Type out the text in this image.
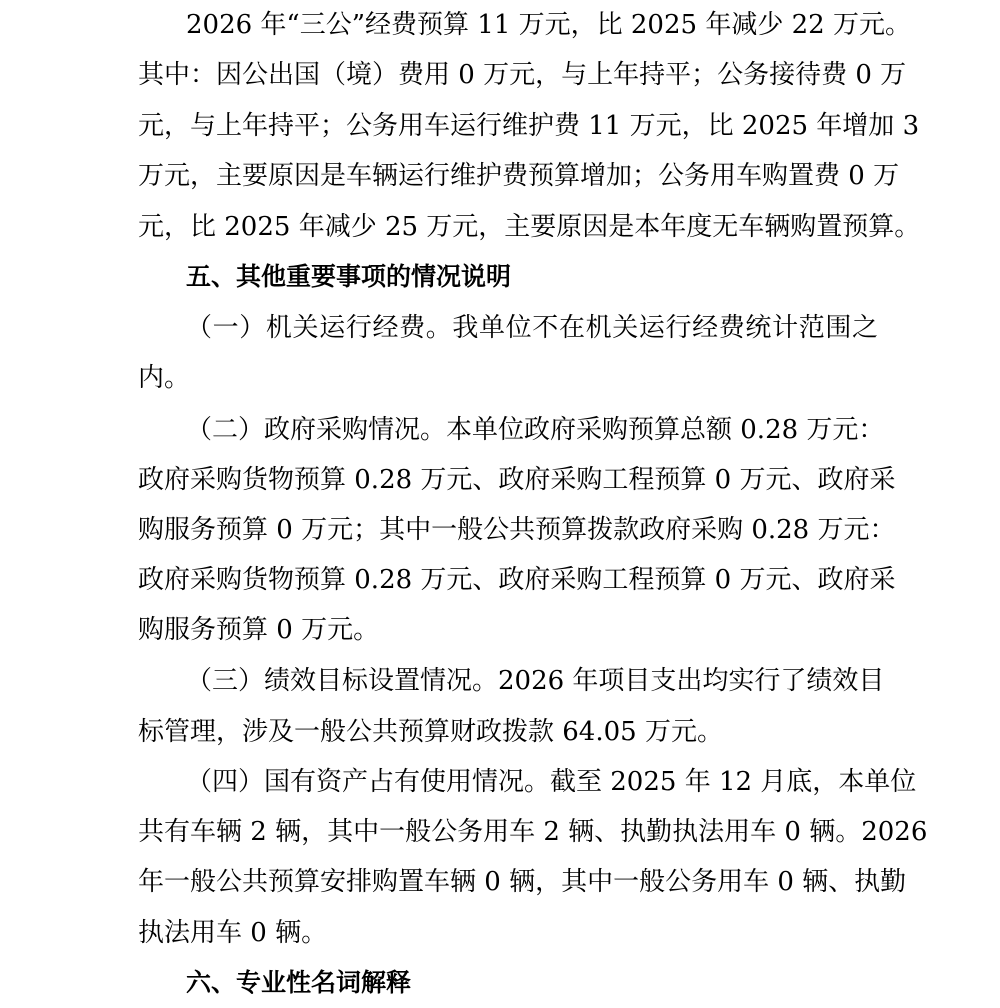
2026 年“三公”经费预算 11 万元，比 2025 年减少 22 万元。
其中：因公出国（境）费用 0 万元，与上年持平；公务接待费 0 万
元，与上年持平；公务用车运行维护费 11 万元，比 2025 年增加 3
万元，主要原因是车辆运行维护费预算增加；公务用车购置费 0 万
元，比 2025 年减少 25 万元，主要原因是本年度无车辆购置预算。
五、其他重要事项的情况说明
（一）机关运行经费。我单位不在机关运行经费统计范围之
内。
（二）政府采购情况。本单位政府采购预算总额 0.28 万元：
政府采购货物预算 0.28 万元、政府采购工程预算 0 万元、政府采
购服务预算 0 万元；其中一般公共预算拨款政府采购 0.28 万元：
政府采购货物预算 0.28 万元、政府采购工程预算 0 万元、政府采
购服务预算 0 万元。
（三）绩效目标设置情况。2026 年项目支出均实行了绩效目
标管理，涉及一般公共预算财政拨款 64.05 万元。
（四）国有资产占有使用情况。截至 2025 年 12 月底，本单位
共有车辆 2 辆，其中一般公务用车 2 辆、执勤执法用车 0 辆。2026
年一般公共预算安排购置车辆 0 辆，其中一般公务用车 0 辆、执勤
执法用车 0 辆。
六、专业性名词解释
